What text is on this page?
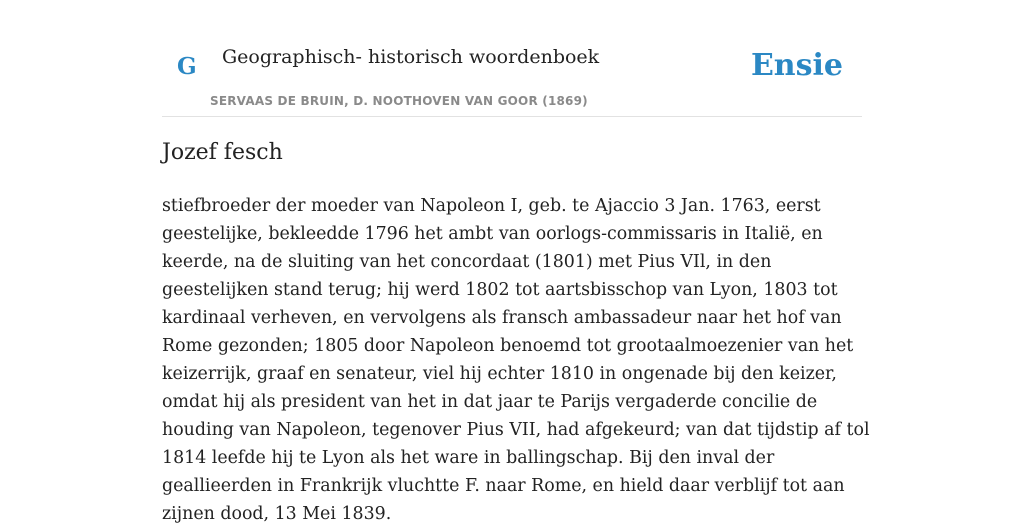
G Geographisch- historisch woordenboek
SERVAAS DE BRUIN, D. NOOTHOVEN VAN GOOR (1869)
Ensie
Jozef fesch

stiefbroeder der moeder van Napoleon I, geb. te Ajaccio 3 Jan. 1763, eerst geestelijke, bekleedde 1796 het ambt van oorlogs-commissaris in Italië, en keerde, na de sluiting van het concordaat (1801) met Pius VIl, in den geestelijken stand terug; hij werd 1802 tot aartsbisschop van Lyon, 1803 tot kardinaal verheven, en vervolgens als fransch ambassadeur naar het hof van Rome gezonden; 1805 door Napoleon benoemd tot grootaalmoezenier van het keizerrijk, graaf en senateur, viel hij echter 1810 in ongenade bij den keizer, omdat hij als president van het in dat jaar te Parijs vergaderde concilie de houding van Napoleon, tegenover Pius VII, had afgekeurd; van dat tijdstip af tol 1814 leefde hij te Lyon als het ware in ballingschap. Bij den inval der geallieerden in Frankrijk vluchtte F. naar Rome, en hield daar verblijf tot aan zijnen dood, 13 Mei 1839.
